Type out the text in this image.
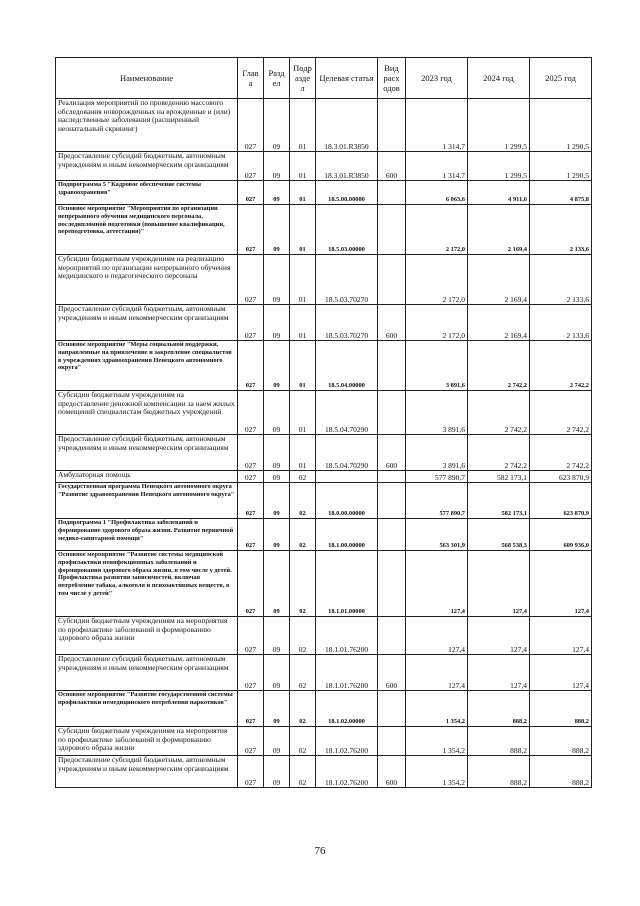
Наименование	Глав а	Разд ел	Подр азде л	Целевая статья	Вид расх одов	2023 год	2024 год	2025 год
Реализация мероприятий по проведению массового обследования новорожденных на врожденные и (или) наследственные заболевания (расширенный неонатальный скрининг)	027	09	01	18.3.01.R3850		1 314,7	1 299,5	1 290,5
Предоставление субсидий бюджетным, автономным учреждениям и иным некоммерческим организациям	027	09	01	18.3.01.R3850	600	1 314,7	1 299,5	1 290,5
Подпрограмма 5 "Кадровое обеспечение системы здравоохранения"	027	09	01	18.5.00.00000		6 063,6	4 911,6	4 875,8
Основное мероприятие "Мероприятия по организации непрерывного обучения медицинского персонала, последипломной подготовки (повышение квалификации, переподготовка, аттестация)"	027	09	01	18.5.03.00000		2 172,0	2 169,4	2 133,6
Субсидии бюджетным учреждениям на реализацию мероприятий по организации непрерывного обучения медицинского и педагогического персонала	027	09	01	18.5.03.70270		2 172,0	2 169,4	2 133,6
Предоставление субсидий бюджетным, автономным учреждениям и иным некоммерческим организациям	027	09	01	18.5.03.70270	600	2 172,0	2 169,4	2 133,6
Основное мероприятие "Меры социальной поддержки, направленные на привлечение и закрепление специалистов в учреждениях здравоохранения Ненецкого автономного округа"	027	09	01	18.5.04.00000		3 891,6	2 742,2	2 742,2
Субсидии бюджетным учреждениям на предоставление денежной компенсации за наем жилых помещений специалистам бюджетных учреждений	027	09	01	18.5.04.70290		3 891,6	2 742,2	2 742,2
Предоставление субсидий бюджетным, автономным учреждениям и иным некоммерческим организациям	027	09	01	18.5.04.70290	600	3 891,6	2 742,2	2 742,2
Амбулаторная помощь	027	09	02			577 890,7	582 173,1	623 870,9
Государственная программа Ненецкого автономного округа "Развитие здравоохранения Ненецкого автономного округа"	027	09	02	18.0.00.00000		577 890,7	582 173,1	623 870,9
Подпрограмма 1 "Профилактика заболеваний и формирование здорового образа жизни. Развитие первичной медико-санитарной помощи"	027	09	02	18.1.00.00000		563 301,9	568 538,3	609 936,0
Основное мероприятие "Развитие системы медицинской профилактики неинфекционных заболеваний и формирования здорового образа жизни, в том числе у детей. Профилактика развития зависимостей, включая потребление табака, алкоголя и психоактивных веществ, в том числе у детей"	027	09	02	18.1.01.00000		127,4	127,4	127,4
Субсидии бюджетным учреждениям на мероприятия по профилактике заболеваний и формированию здорового образа жизни	027	09	02	18.1.01.76200		127,4	127,4	127,4
Предоставление субсидий бюджетным, автономным учреждениям и иным некоммерческим организациям	027	09	02	18.1.01.76200	600	127,4	127,4	127,4
Основное мероприятие "Развитие государственной системы профилактики немедицинского потребления наркотиков"	027	09	02	18.1.02.00000		1 354,2	888,2	888,2
Субсидии бюджетным учреждениям на мероприятия по профилактике заболеваний и формированию здорового образа жизни	027	09	02	18.1.02.76200		1 354,2	888,2	888,2
Предоставление субсидий бюджетным, автономным учреждениям и иным некоммерческим организациям	027	09	02	18.1.02.76200	600	1 354,2	888,2	888,2
76
